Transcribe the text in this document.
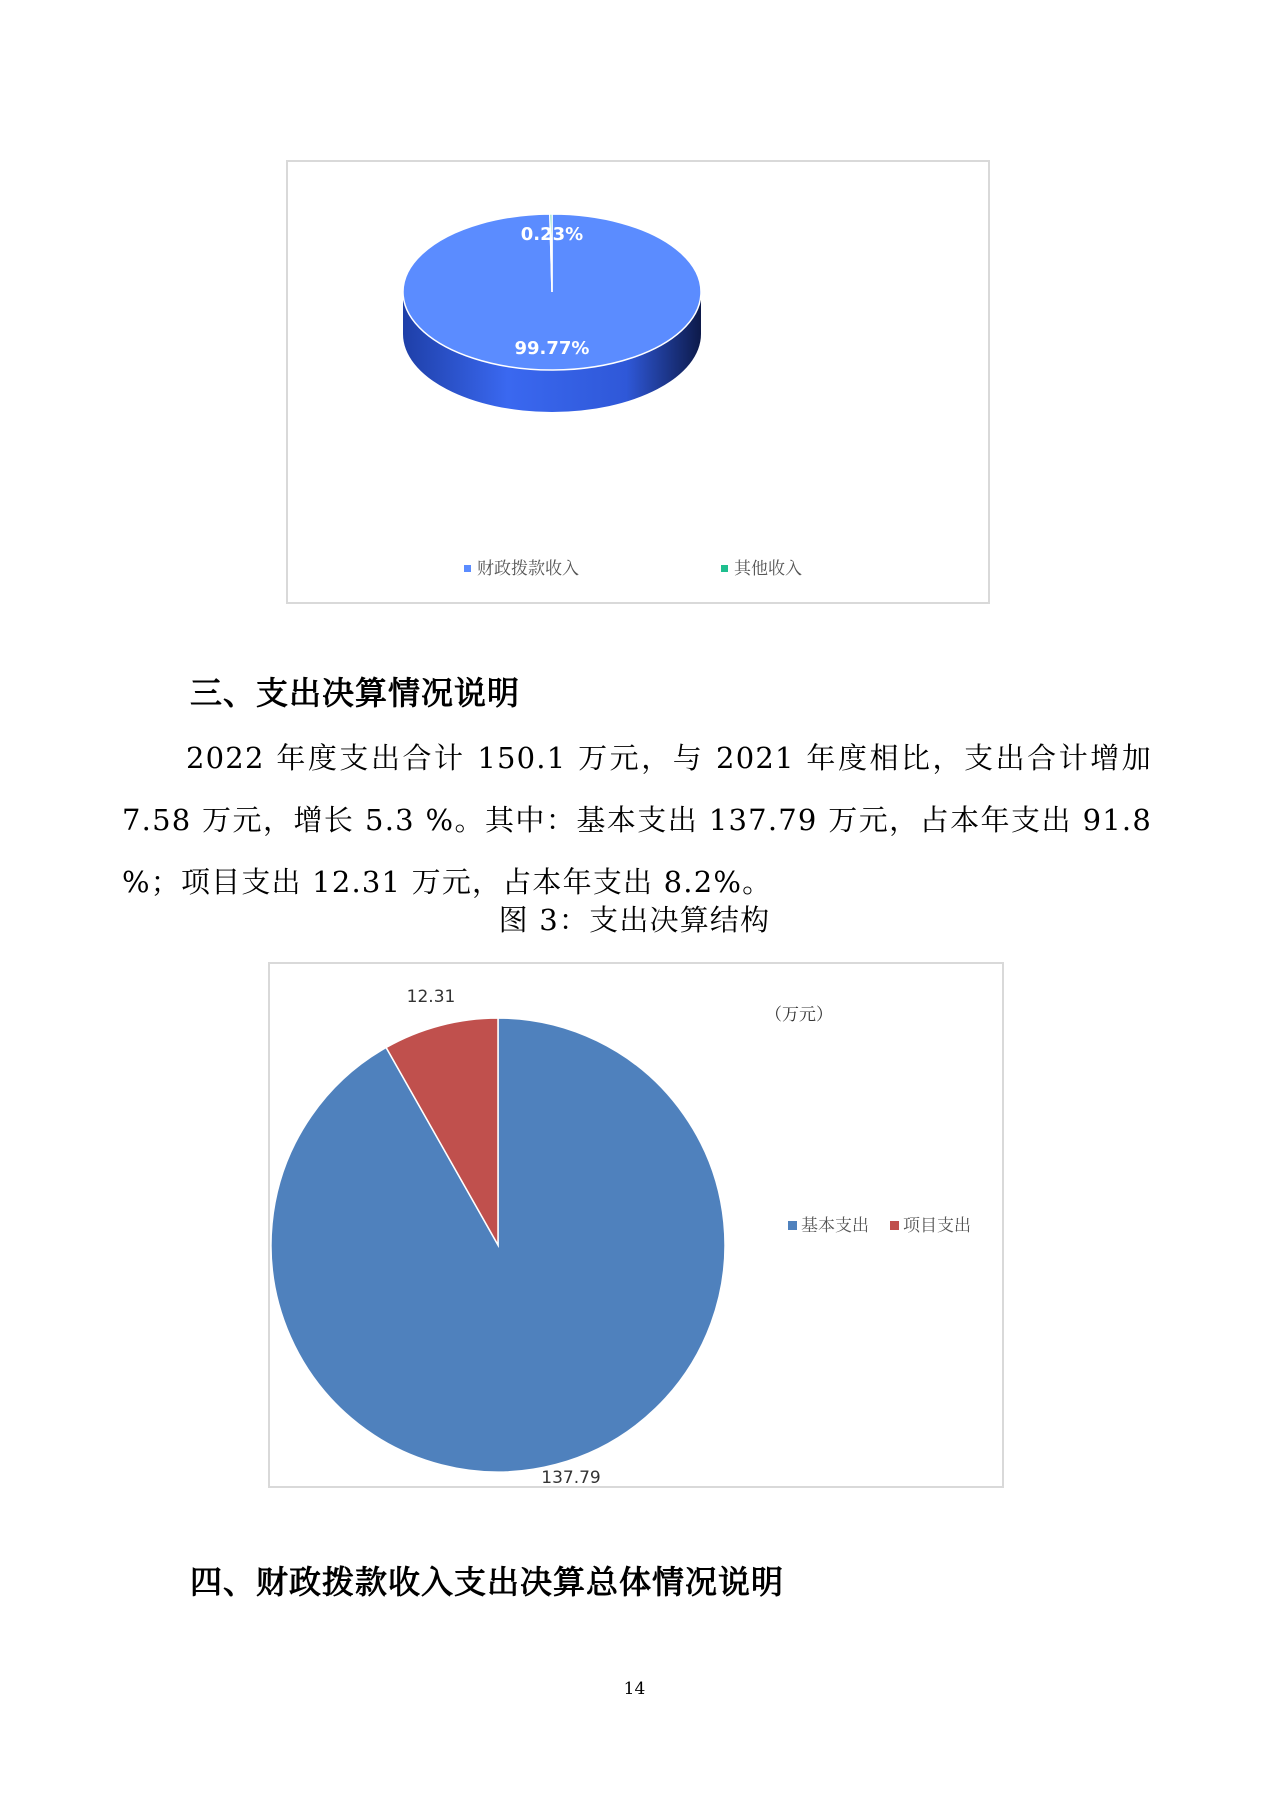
99.77%
0.23%
财政拨款收入	其他收入
三、支出决算情况说明
2022 年度支出合计 150.1 万元，与 2021 年度相比，支出合计增加 7.58 万元，增长 5.3 %。其中：基本支出 137.79 万元，占本年支出 91.8 %；项目支出 12.31 万元，占本年支出 8.2%。
图 3：支出决算结构
137.79
12.31
基本支出 项目支出
（万元）
四、财政拨款收入支出决算总体情况说明
14
